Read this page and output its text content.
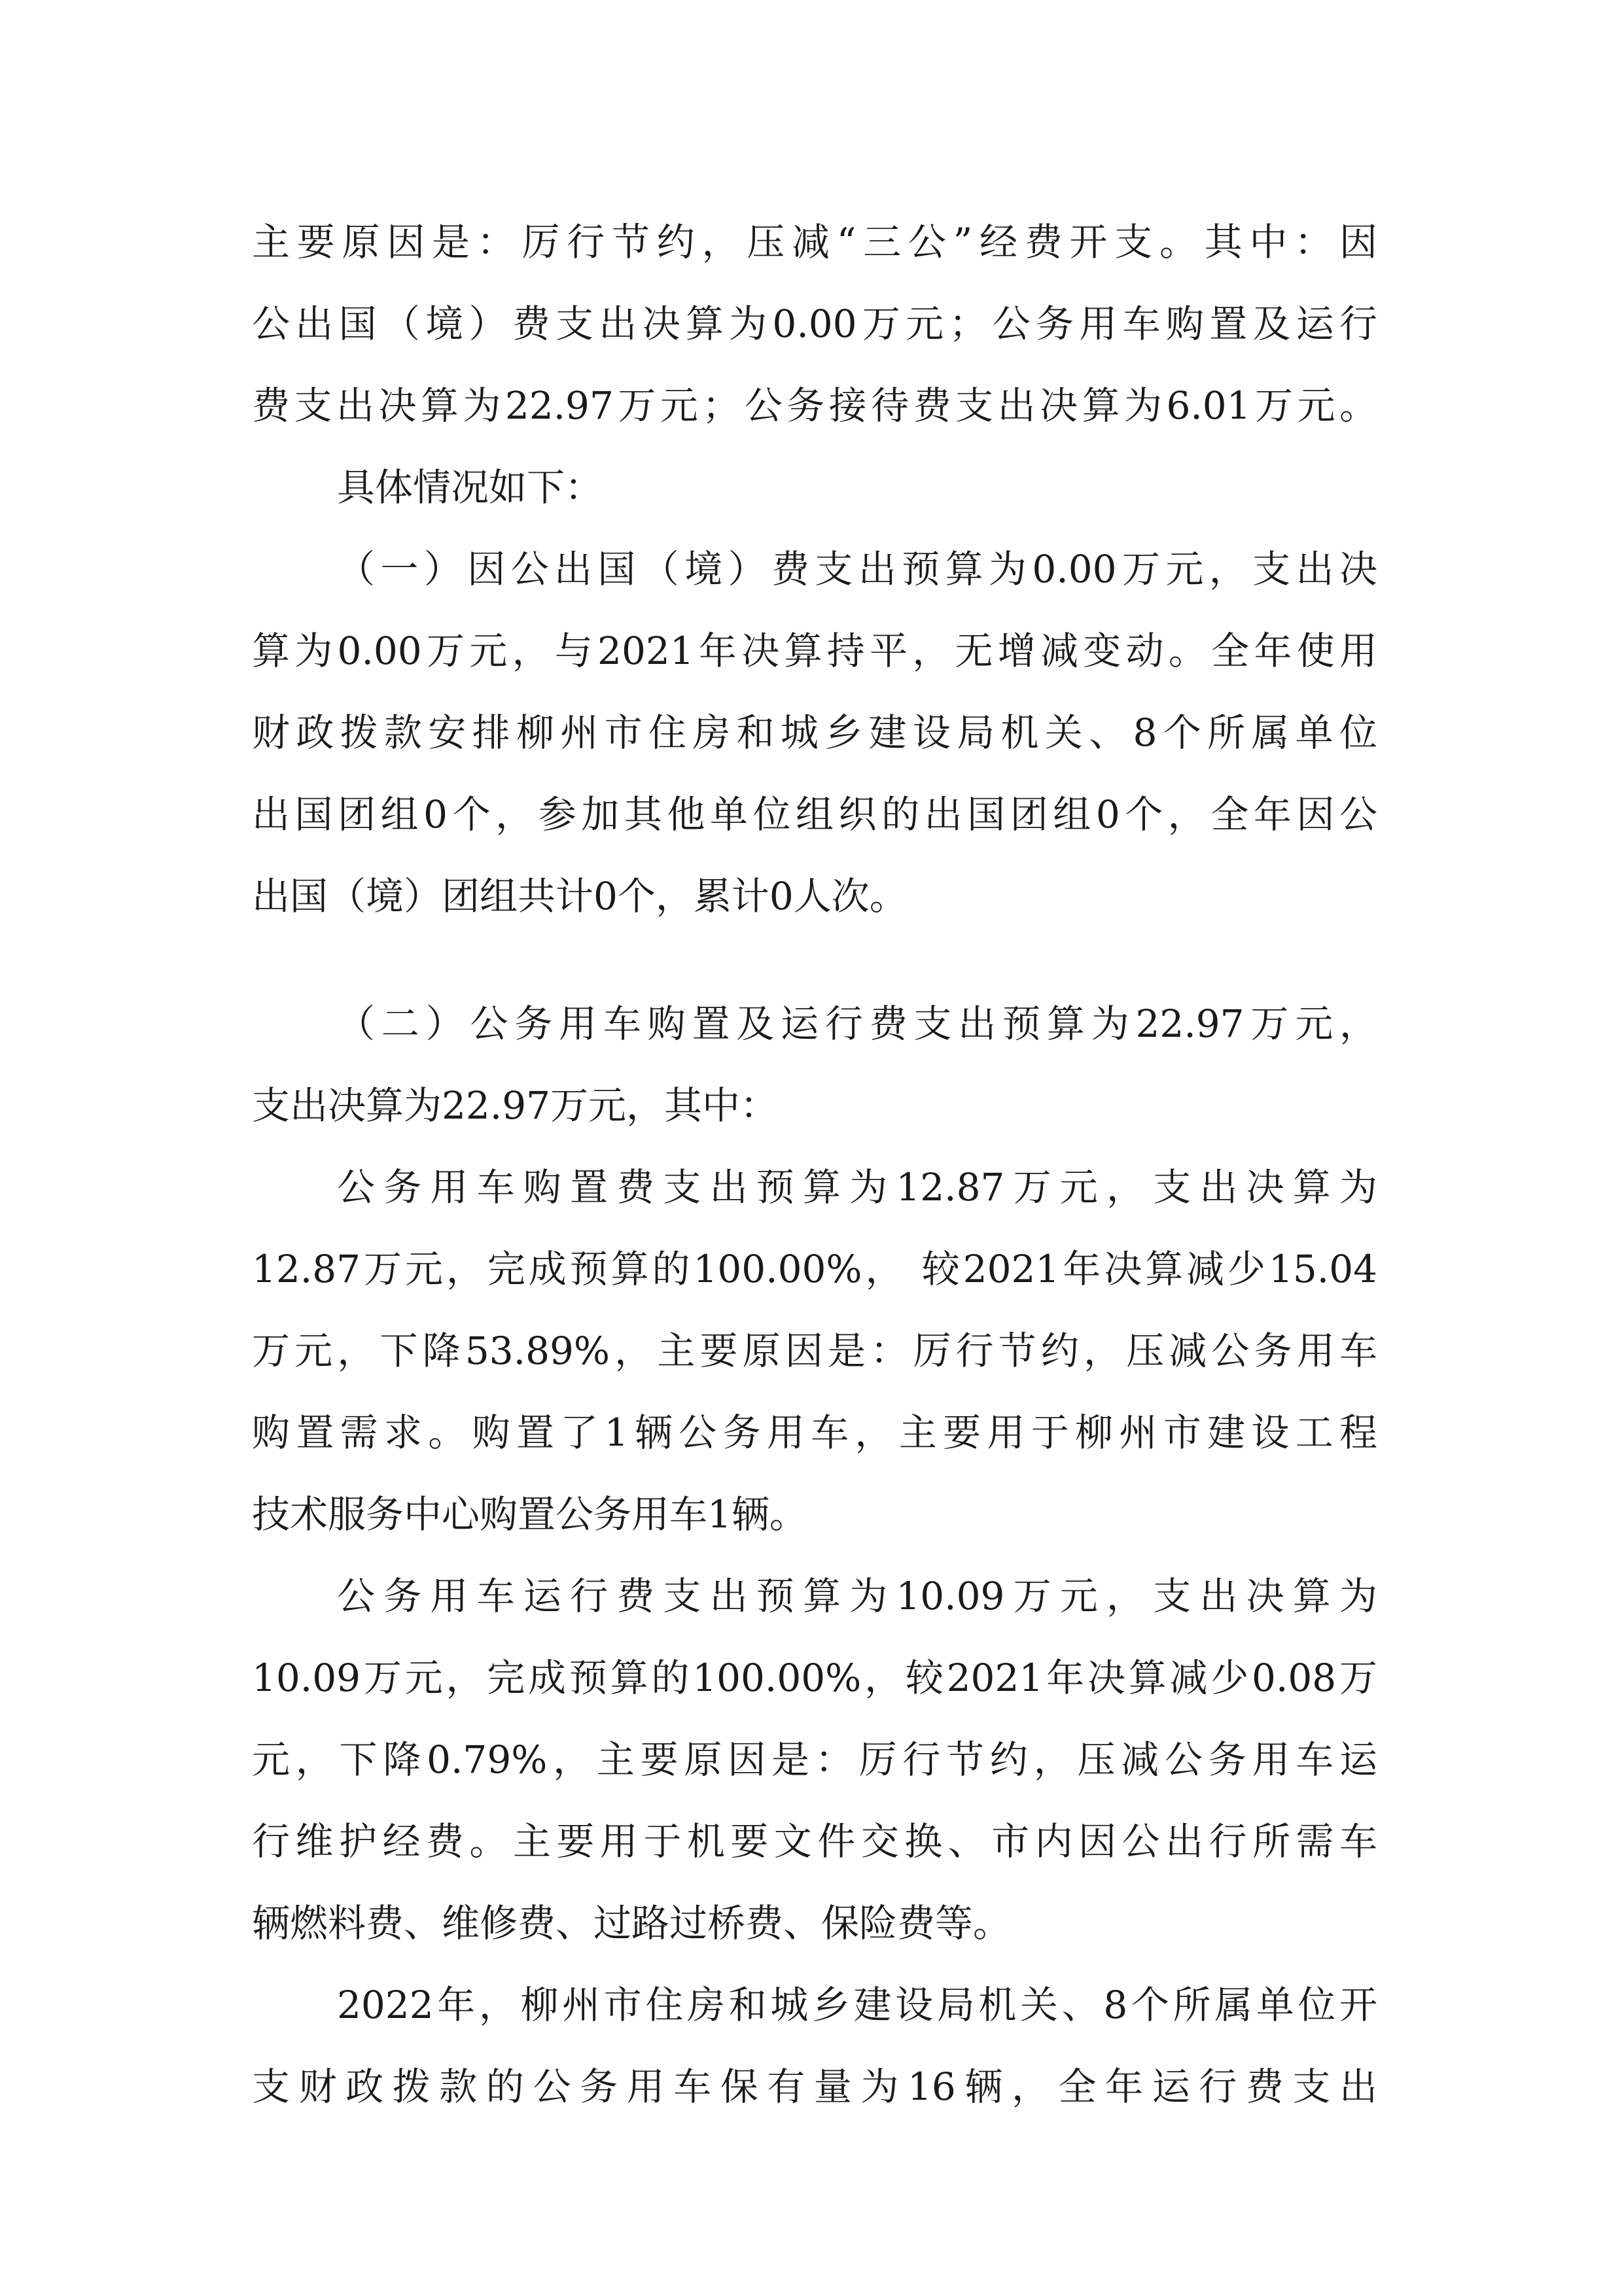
主要原因是：厉行节约，压减“三公”经费开支。其中：因
公出国（境）费支出决算为0.00万元；公务用车购置及运行
费支出决算为22.97万元；公务接待费支出决算为6.01万元。
具体情况如下：
（一）因公出国（境）费支出预算为0.00万元，支出决
算为0.00万元，与2021年决算持平，无增减变动。全年使用
财政拨款安排柳州市住房和城乡建设局机关、8个所属单位
出国团组0个，参加其他单位组织的出国团组0个，全年因公
出国（境）团组共计0个，累计0人次。
（二）公务用车购置及运行费支出预算为22.97万元，
支出决算为22.97万元，其中：
公务用车购置费支出预算为12.87万元，支出决算为
12.87万元，完成预算的100.00%， 较2021年决算减少15.04
万元，下降53.89%，主要原因是：厉行节约，压减公务用车
购置需求。购置了1辆公务用车，主要用于柳州市建设工程
技术服务中心购置公务用车1辆。
公务用车运行费支出预算为10.09万元，支出决算为
10.09万元，完成预算的100.00%，较2021年决算减少0.08万
元，下降0.79%，主要原因是：厉行节约，压减公务用车运
行维护经费。主要用于机要文件交换、市内因公出行所需车
辆燃料费、维修费、过路过桥费、保险费等。
2022年，柳州市住房和城乡建设局机关、8个所属单位开
支财政拨款的公务用车保有量为16辆，全年运行费支出
